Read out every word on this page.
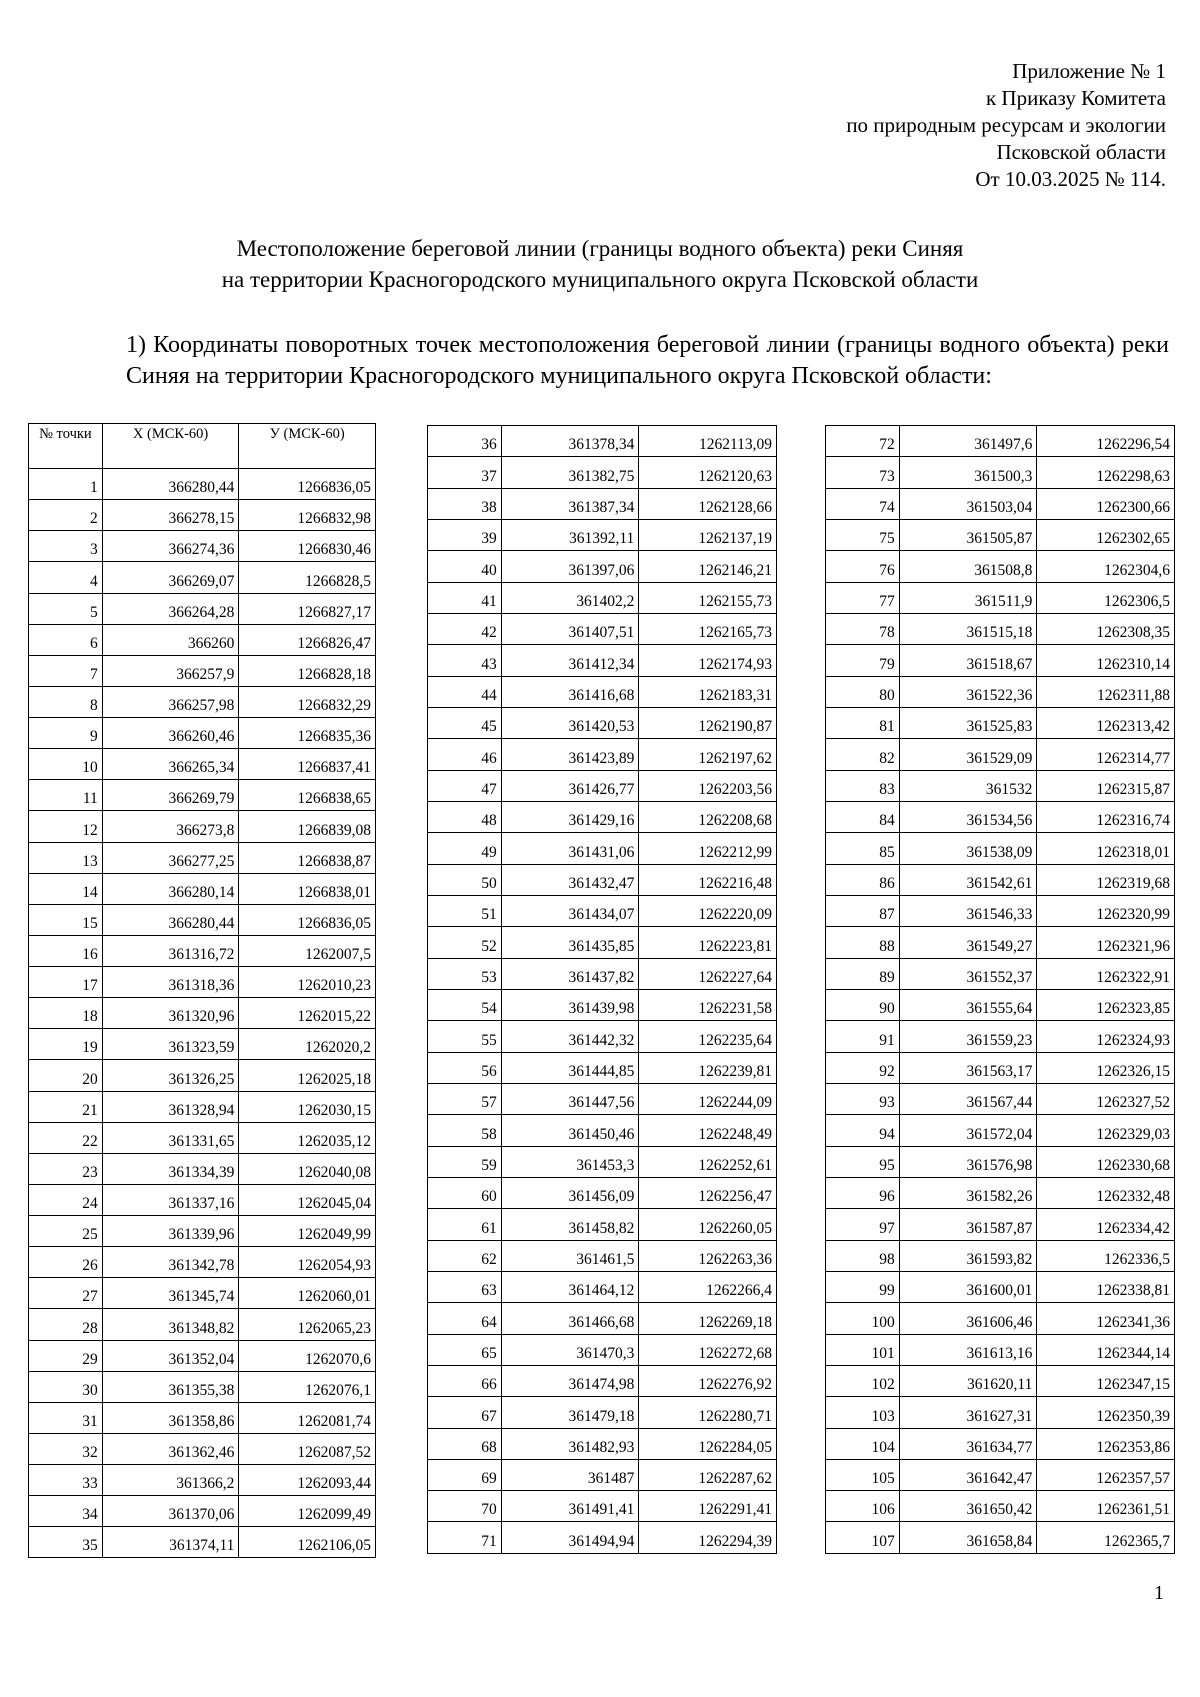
Приложение № 1
к Приказу Комитета
по природным ресурсам и экологии
Псковской области
От 10.03.2025 № 114.
Местоположение береговой линии (границы водного объекта) реки Синяя
на территории Красногородского муниципального округа Псковской области
1) Координаты поворотных точек местоположения береговой линии (границы водного объекта) реки Синяя на территории Красногородского муниципального округа Псковской области:
№ точки	Х (МСК-60)	У (МСК-60)
1	366280,44	1266836,05
2	366278,15	1266832,98
3	366274,36	1266830,46
4	366269,07	1266828,5
5	366264,28	1266827,17
6	366260	1266826,47
7	366257,9	1266828,18
8	366257,98	1266832,29
9	366260,46	1266835,36
10	366265,34	1266837,41
11	366269,79	1266838,65
12	366273,8	1266839,08
13	366277,25	1266838,87
14	366280,14	1266838,01
15	366280,44	1266836,05
16	361316,72	1262007,5
17	361318,36	1262010,23
18	361320,96	1262015,22
19	361323,59	1262020,2
20	361326,25	1262025,18
21	361328,94	1262030,15
22	361331,65	1262035,12
23	361334,39	1262040,08
24	361337,16	1262045,04
25	361339,96	1262049,99
26	361342,78	1262054,93
27	361345,74	1262060,01
28	361348,82	1262065,23
29	361352,04	1262070,6
30	361355,38	1262076,1
31	361358,86	1262081,74
32	361362,46	1262087,52
33	361366,2	1262093,44
34	361370,06	1262099,49
35	361374,11	1262106,05
36	361378,34	1262113,09
37	361382,75	1262120,63
38	361387,34	1262128,66
39	361392,11	1262137,19
40	361397,06	1262146,21
41	361402,2	1262155,73
42	361407,51	1262165,73
43	361412,34	1262174,93
44	361416,68	1262183,31
45	361420,53	1262190,87
46	361423,89	1262197,62
47	361426,77	1262203,56
48	361429,16	1262208,68
49	361431,06	1262212,99
50	361432,47	1262216,48
51	361434,07	1262220,09
52	361435,85	1262223,81
53	361437,82	1262227,64
54	361439,98	1262231,58
55	361442,32	1262235,64
56	361444,85	1262239,81
57	361447,56	1262244,09
58	361450,46	1262248,49
59	361453,3	1262252,61
60	361456,09	1262256,47
61	361458,82	1262260,05
62	361461,5	1262263,36
63	361464,12	1262266,4
64	361466,68	1262269,18
65	361470,3	1262272,68
66	361474,98	1262276,92
67	361479,18	1262280,71
68	361482,93	1262284,05
69	361487	1262287,62
70	361491,41	1262291,41
71	361494,94	1262294,39
72	361497,6	1262296,54
73	361500,3	1262298,63
74	361503,04	1262300,66
75	361505,87	1262302,65
76	361508,8	1262304,6
77	361511,9	1262306,5
78	361515,18	1262308,35
79	361518,67	1262310,14
80	361522,36	1262311,88
81	361525,83	1262313,42
82	361529,09	1262314,77
83	361532	1262315,87
84	361534,56	1262316,74
85	361538,09	1262318,01
86	361542,61	1262319,68
87	361546,33	1262320,99
88	361549,27	1262321,96
89	361552,37	1262322,91
90	361555,64	1262323,85
91	361559,23	1262324,93
92	361563,17	1262326,15
93	361567,44	1262327,52
94	361572,04	1262329,03
95	361576,98	1262330,68
96	361582,26	1262332,48
97	361587,87	1262334,42
98	361593,82	1262336,5
99	361600,01	1262338,81
100	361606,46	1262341,36
101	361613,16	1262344,14
102	361620,11	1262347,15
103	361627,31	1262350,39
104	361634,77	1262353,86
105	361642,47	1262357,57
106	361650,42	1262361,51
107	361658,84	1262365,7
1
